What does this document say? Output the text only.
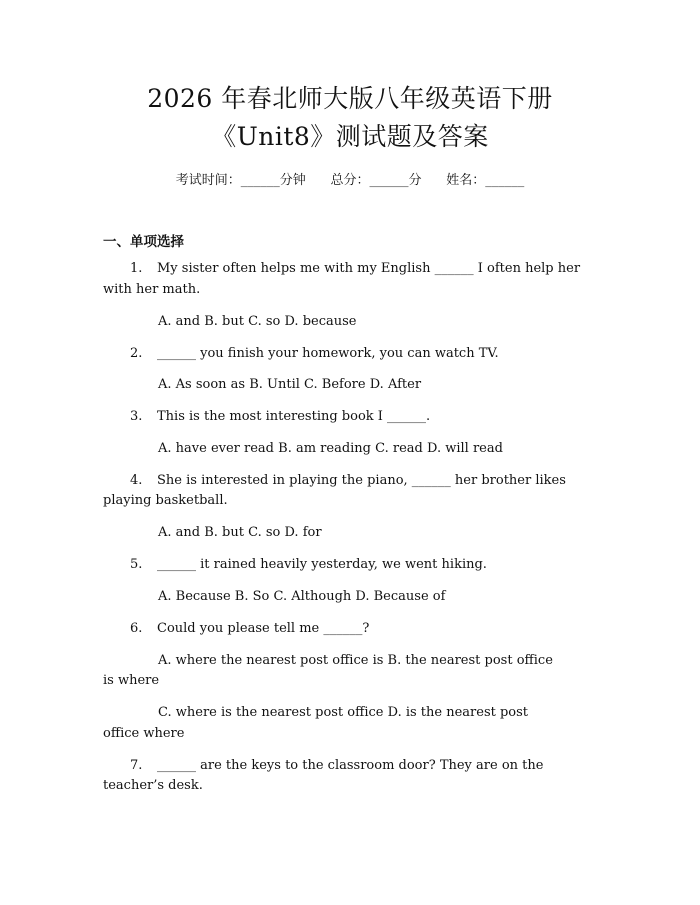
2026 年春北师大版八年级英语下册
《Unit8》测试题及答案
考试时间：______分钟      总分：______分      姓名：______
一、单项选择
1. My sister often helps me with my English ______ I often help her
with her math.
A. and B. but C. so D. because
2. ______ you finish your homework, you can watch TV.
A. As soon as B. Until C. Before D. After
3. This is the most interesting book I ______.
A. have ever read B. am reading C. read D. will read
4. She is interested in playing the piano, ______ her brother likes
playing basketball.
A. and B. but C. so D. for
5. ______ it rained heavily yesterday, we went hiking.
A. Because B. So C. Although D. Because of
6. Could you please tell me ______?
A. where the nearest post office is B. the nearest post office
is where
C. where is the nearest post office D. is the nearest post
office where
7. ______ are the keys to the classroom door? They are on the
teacher’s desk.
